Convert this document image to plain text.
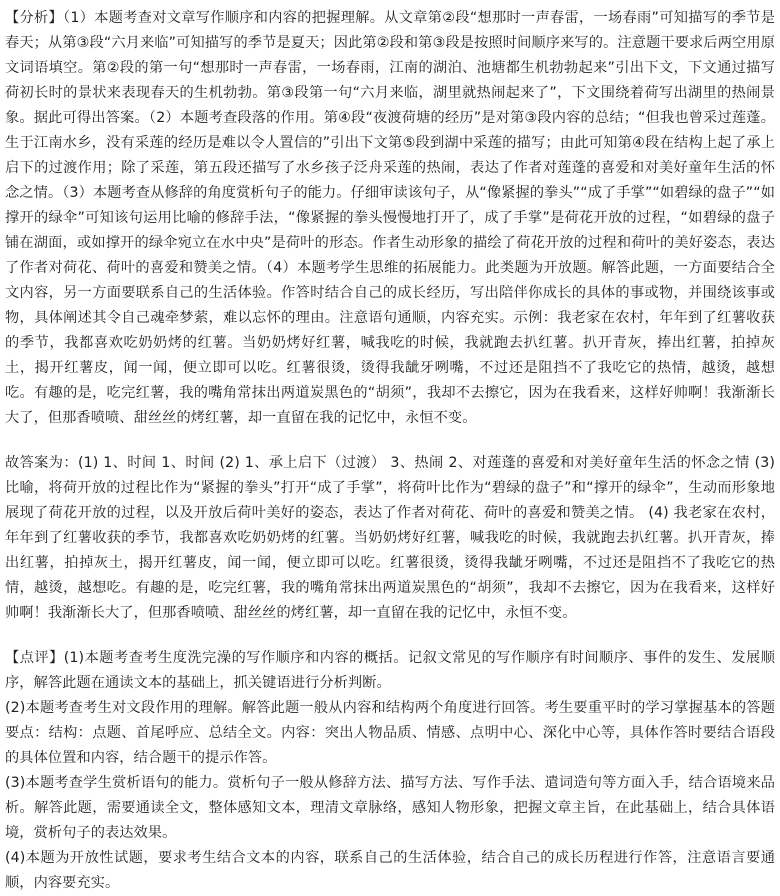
【分析】（1）本题考查对文章写作顺序和内容的把握理解。从文章第②段“想那时一声春雷，一场春雨”可知描写的季节是春天；从第③段“六月来临”可知描写的季节是夏天；因此第②段和第③段是按照时间顺序来写的。注意题干要求后两空用原文词语填空。第②段的第一句“想那时一声春雷，一场春雨，江南的湖泊、池塘都生机勃勃起来”引出下文，下文通过描写荷初长时的景状来表现春天的生机勃勃。第③段第一句“六月来临，湖里就热闹起来了”，下文围绕着荷写出湖里的热闹景象。据此可得出答案。（2）本题考查段落的作用。第④段“夜渡荷塘的经历”是对第③段内容的总结；“但我也曾采过莲蓬。生于江南水乡，没有采莲的经历是难以令人置信的”引出下文第⑤段到湖中采莲的描写；由此可知第④段在结构上起了承上启下的过渡作用；除了采莲，第五段还描写了水乡孩子泛舟采莲的热闹，表达了作者对莲蓬的喜爱和对美好童年生活的怀念之情。（3）本题考查从修辞的角度赏析句子的能力。仔细审读该句子，从“像紧握的拳头”“成了手掌”“如碧绿的盘子”“如撑开的绿伞”可知该句运用比喻的修辞手法，“像紧握的拳头慢慢地打开了，成了手掌”是荷花开放的过程，“如碧绿的盘子铺在湖面，或如撑开的绿伞宛立在水中央”是荷叶的形态。作者生动形象的描绘了荷花开放的过程和荷叶的美好姿态，表达了作者对荷花、荷叶的喜爱和赞美之情。（4）本题考学生思维的拓展能力。此类题为开放题。解答此题，一方面要结合全文内容，另一方面要联系自己的生活体验。作答时结合自己的成长经历，写出陪伴你成长的具体的事或物，并围绕该事或物，具体阐述其令自己魂牵梦萦，难以忘怀的理由。注意语句通顺，内容充实。示例：我老家在农村，年年到了红薯收获的季节，我都喜欢吃奶奶烤的红薯。当奶奶烤好红薯，喊我吃的时候，我就跑去扒红薯。扒开青灰，捧出红薯，拍掉灰土，揭开红薯皮，闻一闻，便立即可以吃。红薯很烫，烫得我龇牙咧嘴，不过还是阻挡不了我吃它的热情，越烫，越想吃。有趣的是，吃完红薯，我的嘴角常抹出两道炭黑色的“胡须”，我却不去擦它，因为在我看来，这样好帅啊！我渐渐长大了，但那香喷喷、甜丝丝的烤红薯，却一直留在我的记忆中，永恒不变。

故答案为：(1) 1、时间 1、时间 (2) 1、承上启下（过渡） 3、热闹 2、对莲蓬的喜爱和对美好童年生活的怀念之情 (3) 比喻，将荷开放的过程比作为“紧握的拳头”打开“成了手掌”，将荷叶比作为“碧绿的盘子”和“撑开的绿伞”，生动而形象地展现了荷花开放的过程，以及开放后荷叶美好的姿态，表达了作者对荷花、荷叶的喜爱和赞美之情。 (4) 我老家在农村，年年到了红薯收获的季节，我都喜欢吃奶奶烤的红薯。当奶奶烤好红薯，喊我吃的时候，我就跑去扒红薯。扒开青灰，捧出红薯，拍掉灰土，揭开红薯皮，闻一闻，便立即可以吃。红薯很烫，烫得我龇牙咧嘴，不过还是阻挡不了我吃它的热情，越烫，越想吃。有趣的是，吃完红薯，我的嘴角常抹出两道炭黑色的“胡须”，我却不去擦它，因为在我看来，这样好帅啊！我渐渐长大了，但那香喷喷、甜丝丝的烤红薯，却一直留在我的记忆中，永恒不变。

【点评】(1)本题考查考生度洗完澡的写作顺序和内容的概括。记叙文常见的写作顺序有时间顺序、事件的发生、发展顺序，解答此题在通读文本的基础上，抓关键语进行分析判断。

(2)本题考查考生对文段作用的理解。解答此题一般从内容和结构两个角度进行回答。考生要重平时的学习掌握基本的答题要点：结构：点题、首尾呼应、总结全文。内容：突出人物品质、情感、点明中心、深化中心等，具体作答时要结合语段的具体位置和内容，结合题干的提示作答。

(3)本题考查学生赏析语句的能力。赏析句子一般从修辞方法、描写方法、写作手法、遣词造句等方面入手，结合语境来品析。解答此题，需要通读全文，整体感知文本，理清文章脉络，感知人物形象，把握文章主旨，在此基础上，结合具体语境，赏析句子的表达效果。

(4)本题为开放性试题，要求考生结合文本的内容，联系自己的生活体验，结合自己的成长历程进行作答，注意语言要通顺，内容要充实。
